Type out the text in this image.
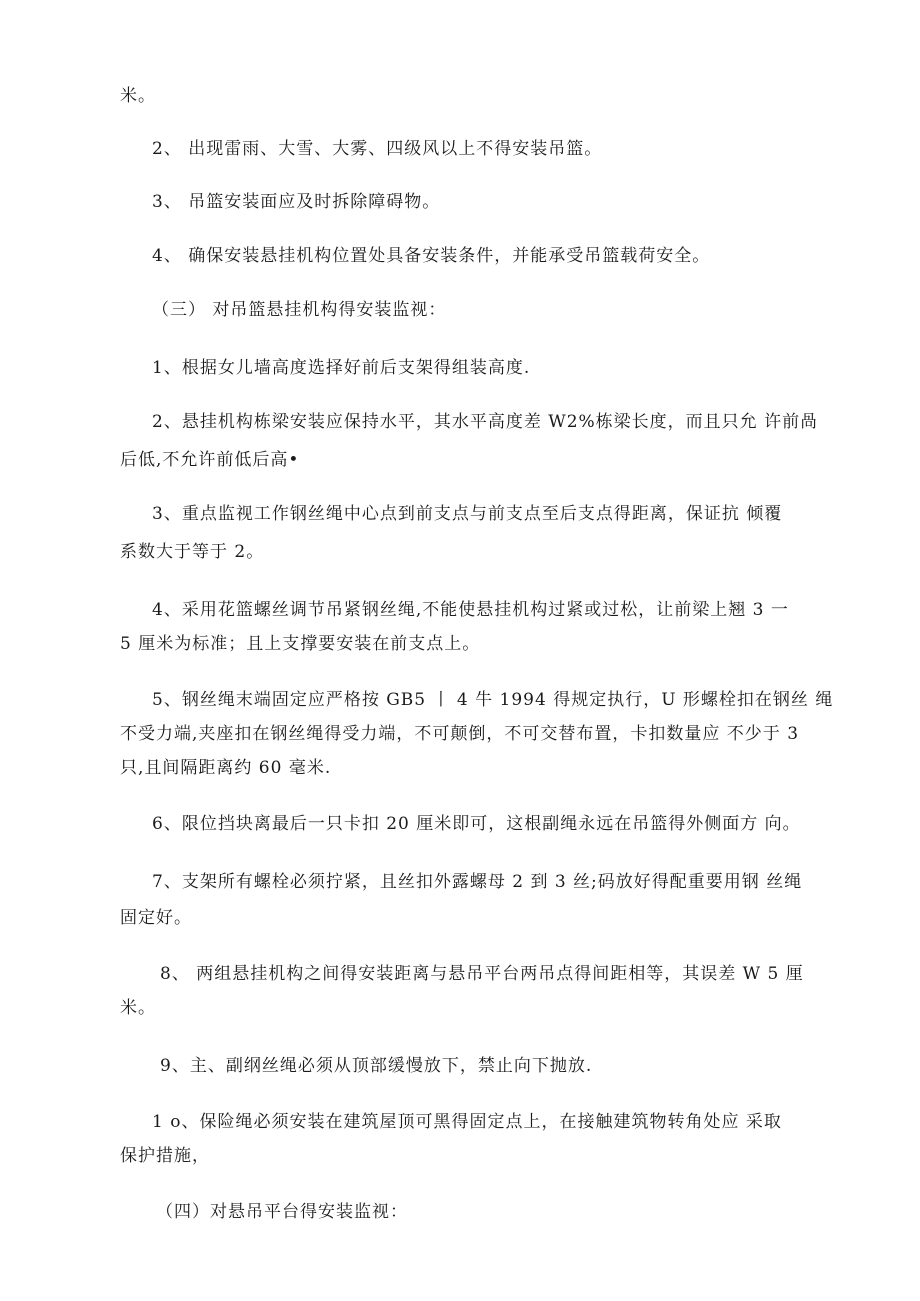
米。

2、 出现雷雨、大雪、大雾、四级风以上不得安装吊篮。

3、 吊篮安装面应及时拆除障碍物。

4、 确保安装悬挂机构位置处具备安装条件，并能承受吊篮载荷安全。

（三） 对吊篮悬挂机构得安装监视：

1、根据女儿墙高度选择好前后支架得组装高度.

2、悬挂机构栋梁安装应保持水平，其水平高度差 W2%栋梁长度，而且只允 许前咼

后低,不允许前低后高•

3、重点监视工作钢丝绳中心点到前支点与前支点至后支点得距离，保证抗 倾覆

系数大于等于 2。

4、采用花篮螺丝调节吊紧钢丝绳,不能使悬挂机构过紧或过松，让前梁上翘 3 一

5 厘米为标准；且上支撑要安装在前支点上。

5、钢丝绳末端固定应严格按 GB5 丨 4 牛 1994 得规定执行，U 形螺栓扣在钢丝 绳

不受力端,夹座扣在钢丝绳得受力端，不可颠倒，不可交替布置，卡扣数量应 不少于 3

只,且间隔距离约 60 毫米.

6、限位挡块离最后一只卡扣 20 厘米即可，这根副绳永远在吊篮得外侧面方 向。

7、支架所有螺栓必须拧紧，且丝扣外露螺母 2 到 3 丝;码放好得配重要用钢 丝绳

固定好。

8、 两组悬挂机构之间得安装距离与悬吊平台两吊点得间距相等，其误差 W 5 厘

米。

9、主、副纲丝绳必须从顶部缓慢放下，禁止向下抛放.

1 o、保险绳必须安装在建筑屋顶可黑得固定点上，在接触建筑物转角处应 采取

保护措施，

（四）对悬吊平台得安装监视：
